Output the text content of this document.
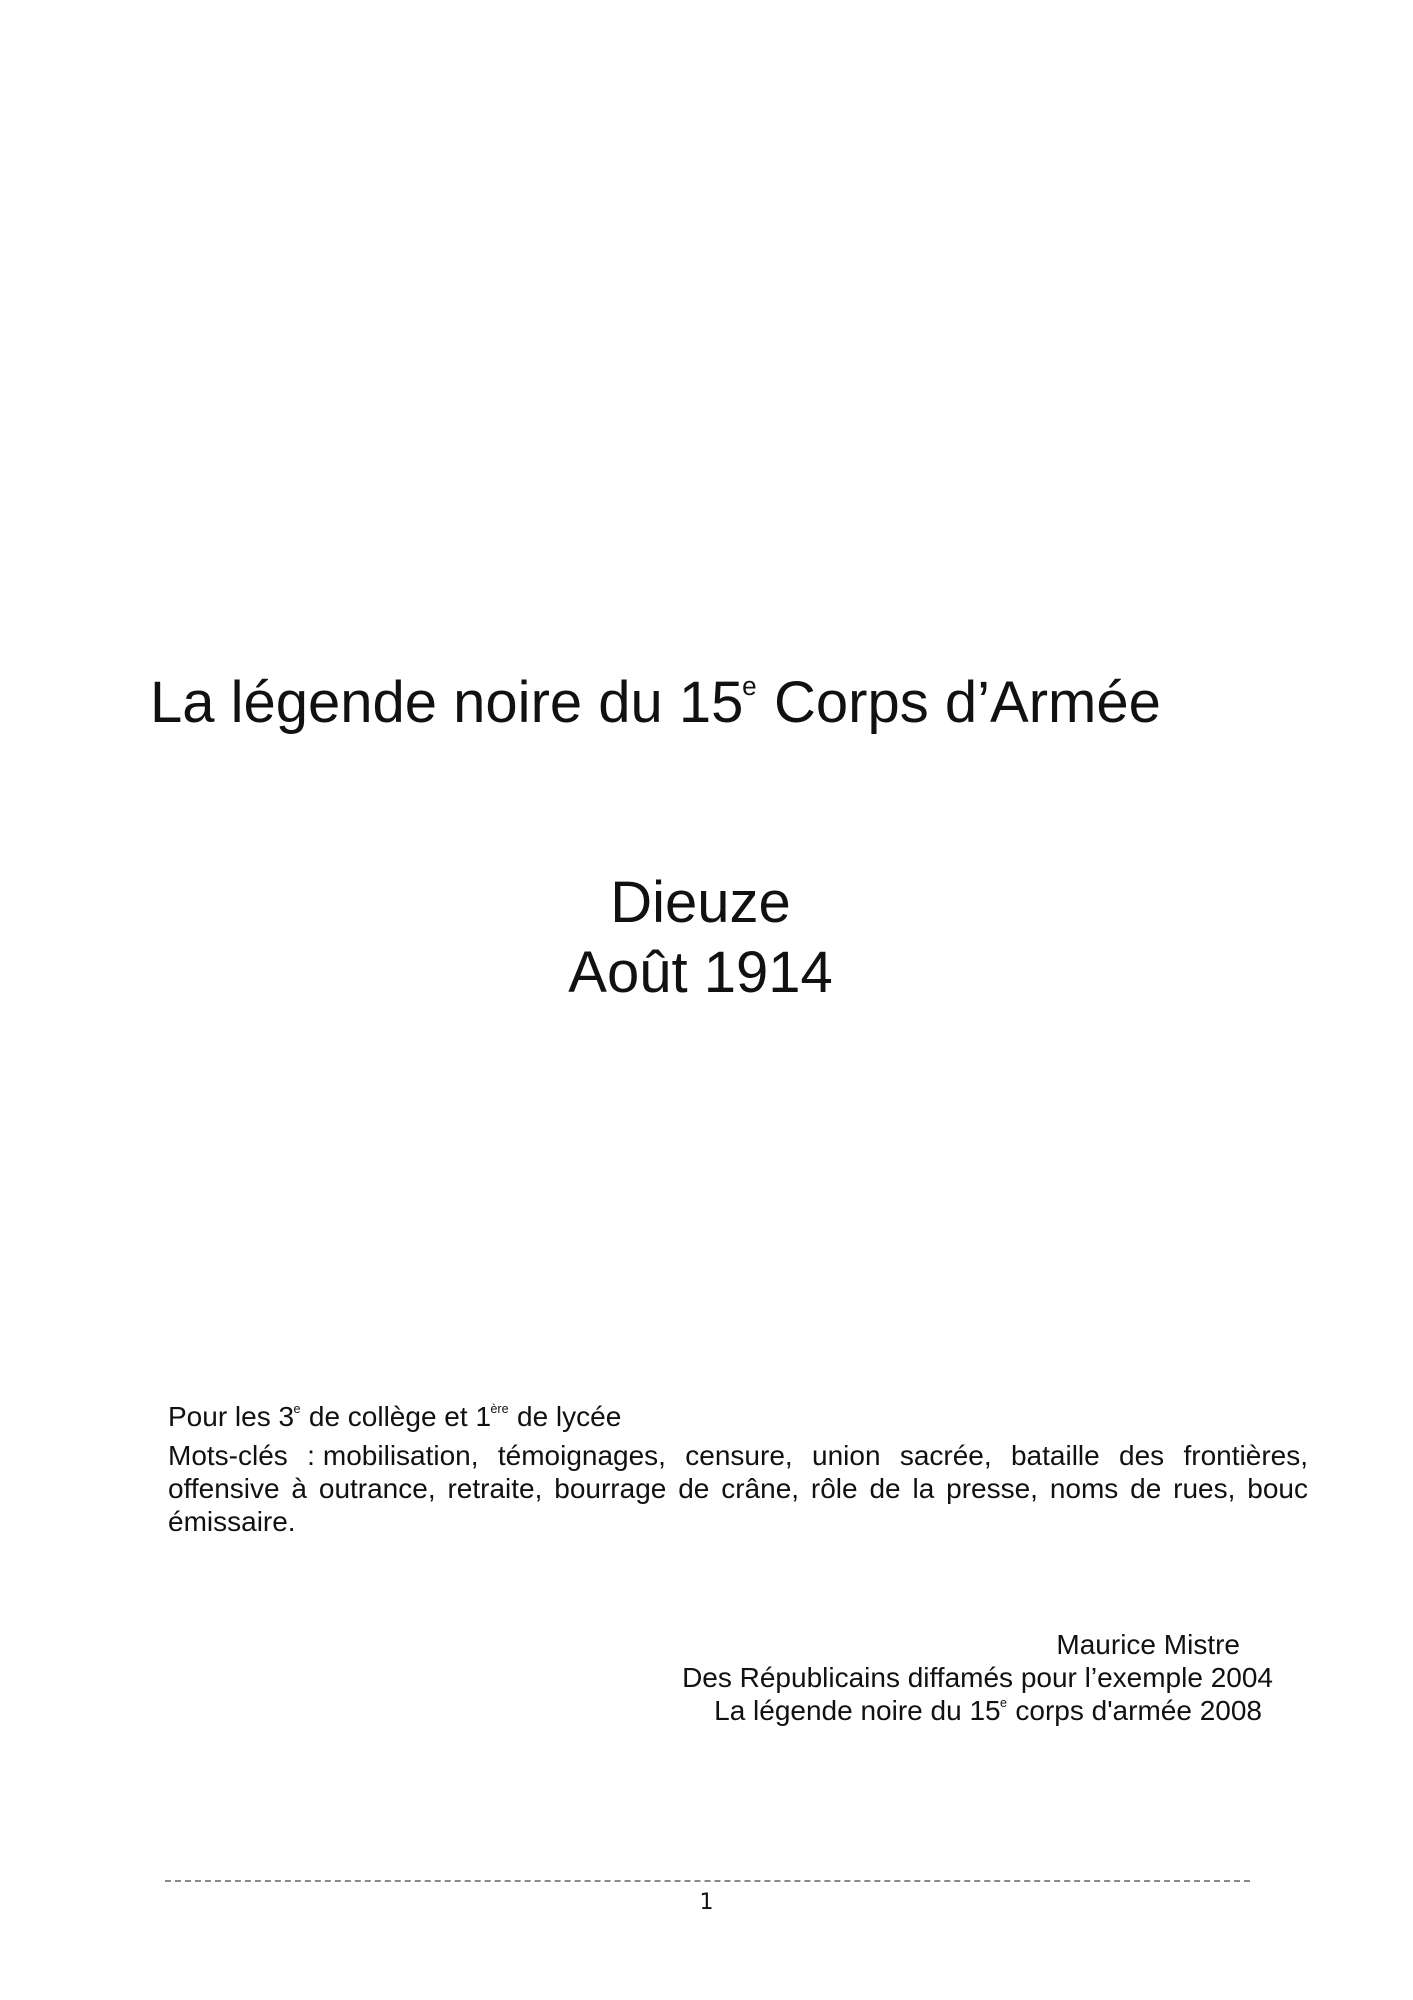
La légende noire du 15e Corps d’Armée
Dieuze
Août 1914
Pour les 3e de collège et 1ère de lycée
Mots-clés : mobilisation, témoignages, censure, union sacrée, bataille des frontières, offensive à outrance, retraite, bourrage de crâne, rôle de la presse, noms de rues, bouc émissaire.
Maurice Mistre
Des Républicains diffamés pour l’exemple 2004
La légende noire du 15e corps d'armée 2008
1
